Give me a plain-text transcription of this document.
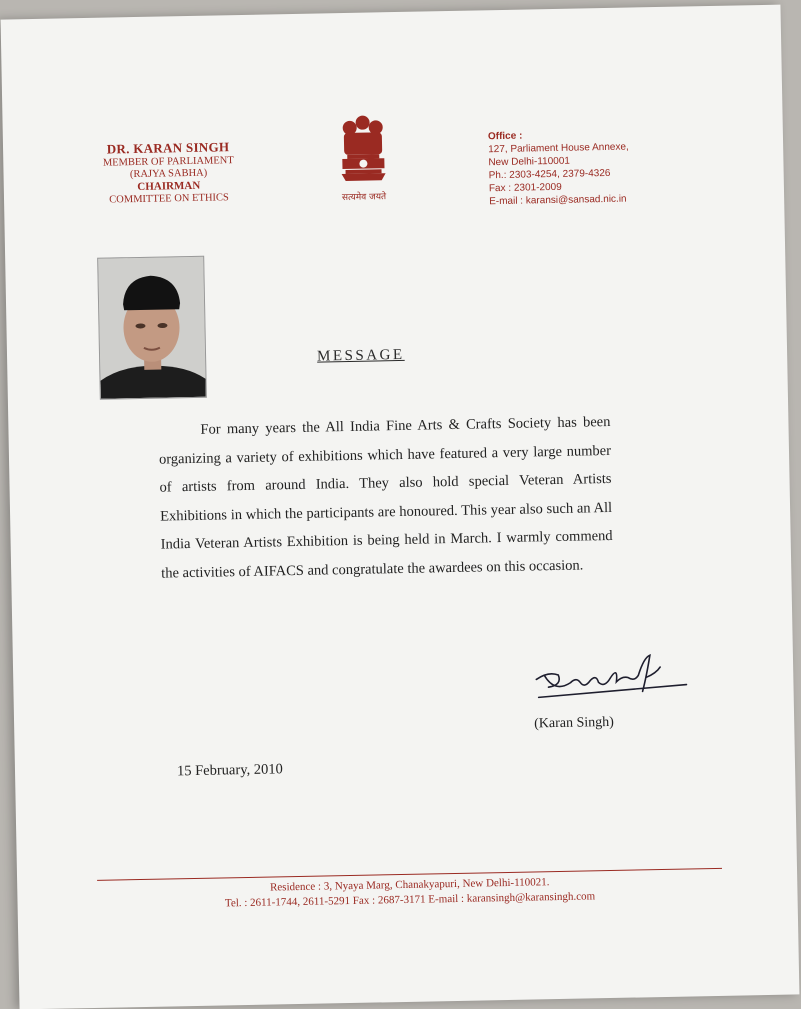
DR. KARAN SINGH
MEMBER OF PARLIAMENT
(RAJYA SABHA)
CHAIRMAN
COMMITTEE ON ETHICS	सत्यमेव जयते
Office :
127, Parliament House Annexe,
New Delhi-110001
Ph.: 2303-4254, 2379-4326
Fax : 2301-2009
E-mail : karansi@sansad.nic.in
MESSAGE
For many years the All India Fine Arts & Crafts Society has been organizing a variety of exhibitions which have featured a very large number of artists from around India. They also hold special Veteran Artists Exhibitions in which the participants are honoured. This year also such an All India Veteran Artists Exhibition is being held in March. I warmly commend the activities of AIFACS and congratulate the awardees on this occasion.
(Karan Singh)
15 February, 2010
Residence : 3, Nyaya Marg, Chanakyapuri, New Delhi-110021.
Tel. : 2611-1744, 2611-5291 Fax : 2687-3171 E-mail : karansingh@karansingh.com
